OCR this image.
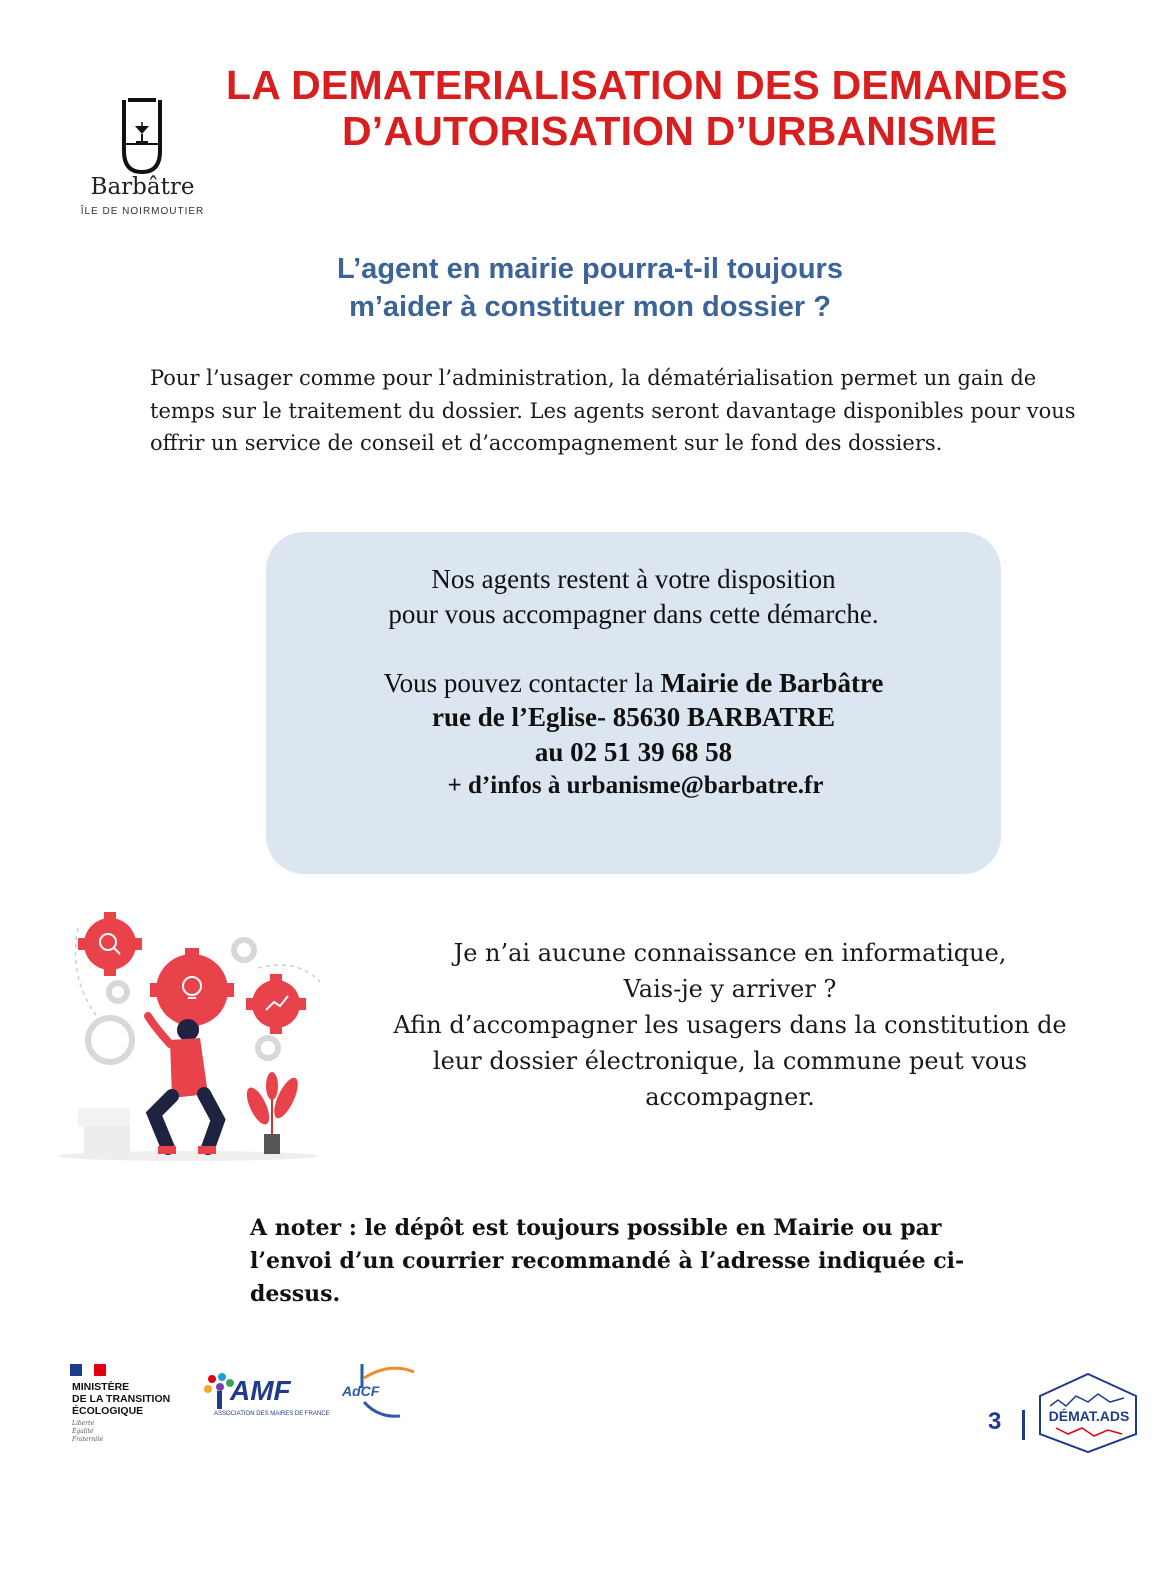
LA DEMATERIALISATION DES DEMANDES
D’AUTORISATION D’URBANISME
Barbâtre
ÎLE DE NOIRMOUTIER
L’agent en mairie pourra-t-il toujours
m’aider à constituer mon dossier ?
Pour l’usager comme pour l’administration, la dématérialisation permet un gain de temps sur le traitement du dossier. Les agents seront davantage disponibles pour vous offrir un service de conseil et d’accompagnement sur le fond des dossiers.
Nos agents restent à votre disposition
pour vous accompagner dans cette démarche.
Vous pouvez contacter la Mairie de Barbâtre
rue de l’Eglise- 85630 BARBATRE
au 02 51 39 68 58
+ d’infos à urbanisme@barbatre.fr
Je n’ai aucune connaissance en informatique,
Vais-je y arriver ?
Afin d’accompagner les usagers dans la constitution de
leur dossier électronique, la commune peut vous
accompagner.
A noter : le dépôt est toujours possible en Mairie ou par l’envoi d’un courrier recommandé à l’adresse indiquée ci-dessus.
MINISTÈRE
DE LA TRANSITION
ÉCOLOGIQUE
Liberté
Égalité
Fraternité
AMF
ASSOCIATION DES MAIRES DE FRANCE
AdCF
3	DÉMAT.ADS
